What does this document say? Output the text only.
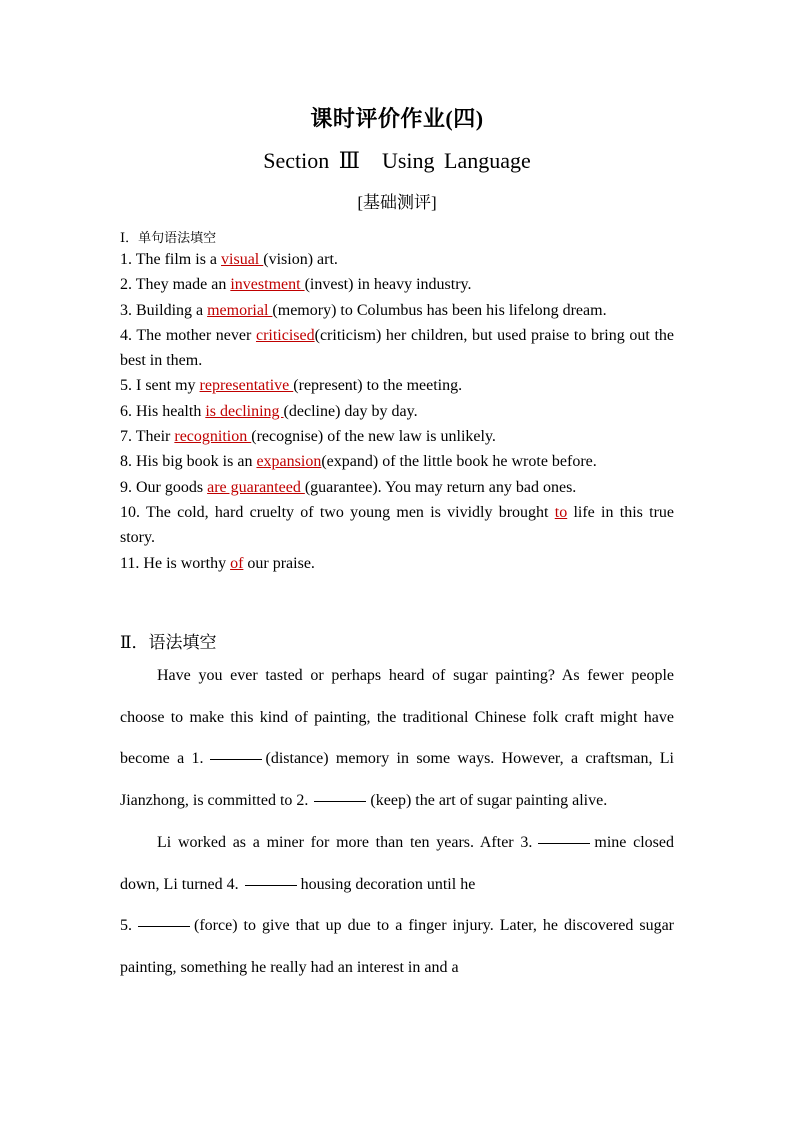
课时评价作业(四)
Section Ⅲ　Using Language
[基础测评]
Ⅰ．单句语法填空
1. The film is a visual (vision) art.
2. They made an investment (invest) in heavy industry.
3. Building a memorial (memory) to Columbus has been his lifelong dream.
4. The mother never criticised(criticism) her children, but used praise to bring out the best in them.
5. I sent my representative (represent) to the meeting.
6. His health is declining (decline) day by day.
7. Their recognition (recognise) of the new law is unlikely.
8. His big book is an expansion(expand) of the little book he wrote before.
9. Our goods are guaranteed (guarantee). You may return any bad ones.
10. The cold, hard cruelty of two young men is vividly brought to life in this true story.
11. He is worthy of our praise.
Ⅱ．语法填空

Have you ever tasted or perhaps heard of sugar painting? As fewer people choose to make this kind of painting, the traditional Chinese folk craft might have become a 1.	(distance) memory in some ways. However, a craftsman, Li Jianzhong, is committed to 2.	(keep) the art of sugar painting alive.

Li worked as a miner for more than ten years. After 3.	mine closed down, Li turned 4.	housing decoration until he

5.	(force) to give that up due to a finger injury. Later, he discovered sugar painting, something he really had an interest in and a
